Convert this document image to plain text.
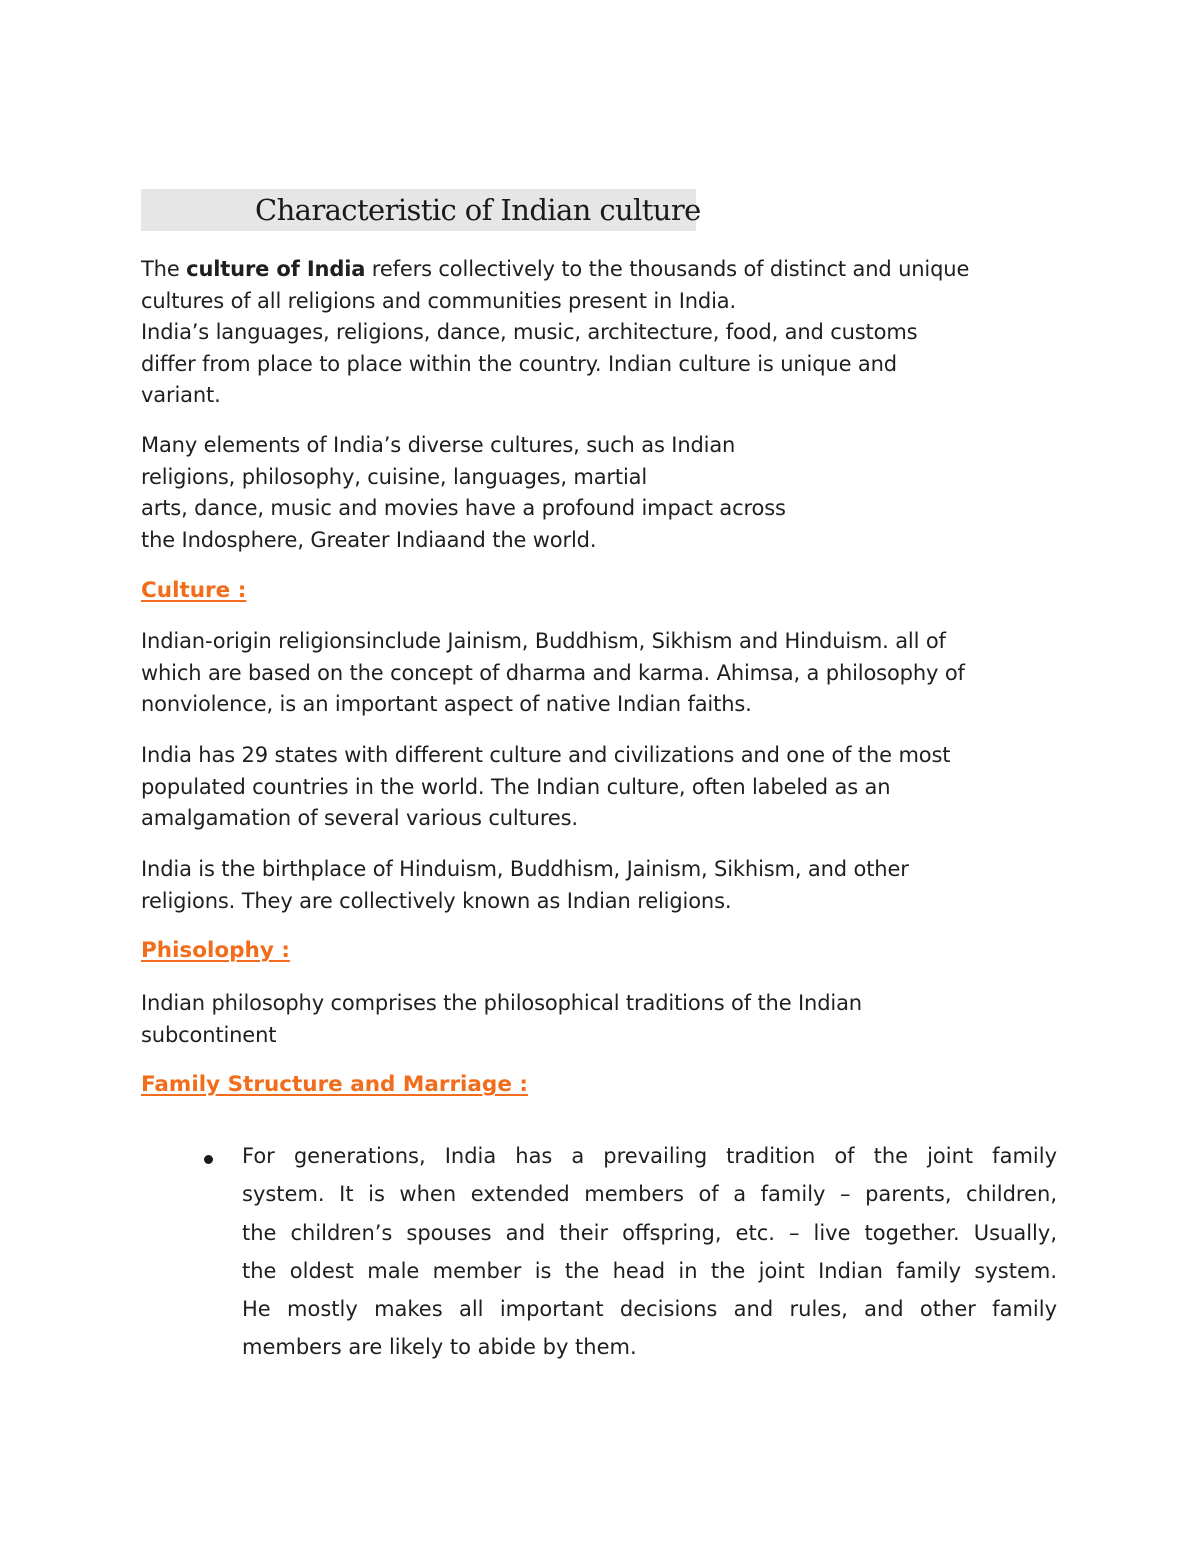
Characteristic of Indian culture

The culture of India refers collectively to the thousands of distinct and unique
cultures of all religions and communities present in India.
India’s languages, religions, dance, music, architecture, food, and customs
differ from place to place within the country. Indian culture is unique and
variant.

Many elements of India’s diverse cultures, such as Indian
religions, philosophy, cuisine, languages, martial
arts, dance, music and movies have a profound impact across
the Indosphere, Greater Indiaand the world.

Culture :

Indian-origin religionsinclude Jainism, Buddhism, Sikhism and Hinduism. all of
which are based on the concept of dharma and karma. Ahimsa, a philosophy of
nonviolence, is an important aspect of native Indian faiths.

India has 29 states with different culture and civilizations and one of the most
populated countries in the world. The Indian culture, often labeled as an
amalgamation of several various cultures.

India is the birthplace of Hinduism, Buddhism, Jainism, Sikhism, and other
religions. They are collectively known as Indian religions.

Phisolophy :

Indian philosophy comprises the philosophical traditions of the Indian
subcontinent

Family Structure and Marriage :

For generations, India has a prevailing tradition of the joint family
system. It is when extended members of a family – parents, children,
the children’s spouses and their offspring, etc. – live together. Usually,
the oldest male member is the head in the joint Indian family system.
He mostly makes all important decisions and rules, and other family
members are likely to abide by them.
